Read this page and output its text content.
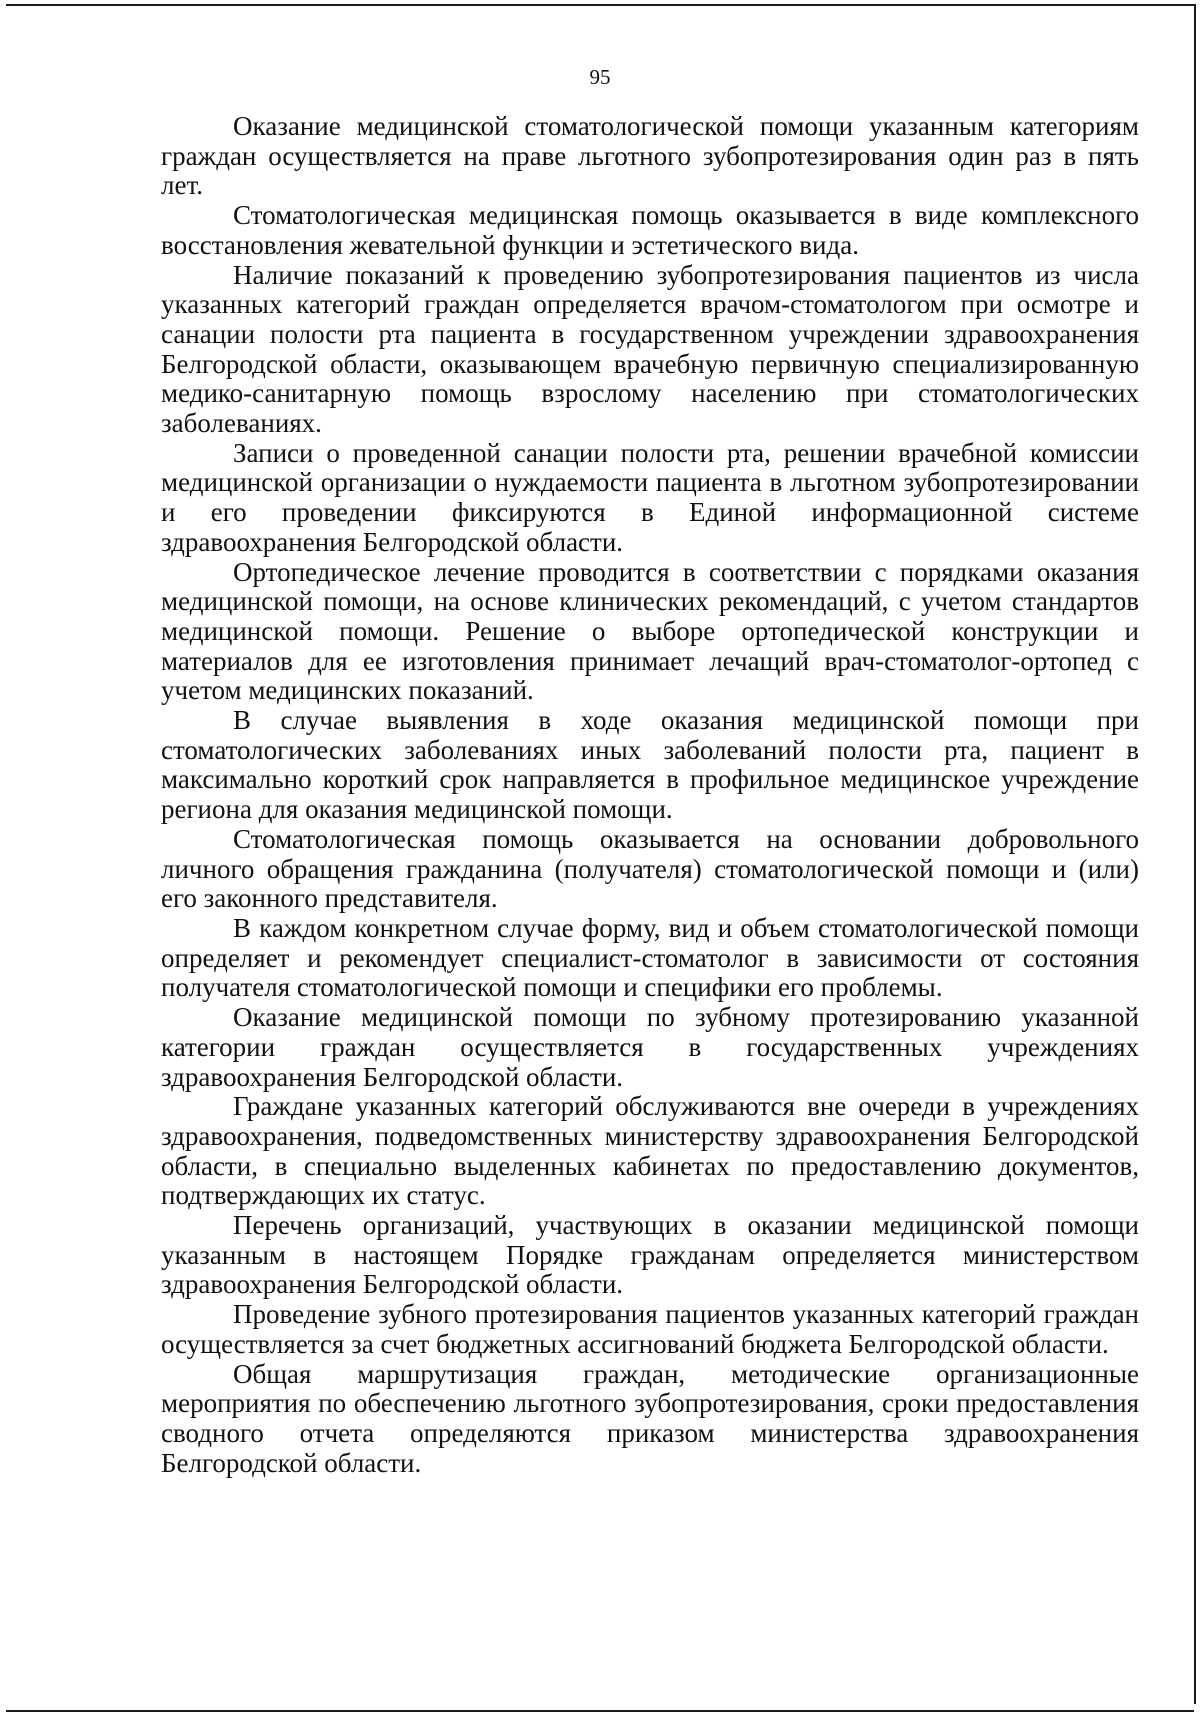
95

Оказание медицинской стоматологической помощи указанным категориям граждан осуществляется на праве льготного зубопротезирования один раз в пять лет.

Стоматологическая медицинская помощь оказывается в виде комплексного восстановления жевательной функции и эстетического вида.

Наличие показаний к проведению зубопротезирования пациентов из числа указанных категорий граждан определяется врачом-стоматологом при осмотре и санации полости рта пациента в государственном учреждении здравоохранения Белгородской области, оказывающем врачебную первичную специализированную медико-санитарную помощь взрослому населению при стоматологических заболеваниях.

Записи о проведенной санации полости рта, решении врачебной комиссии медицинской организации о нуждаемости пациента в льготном зубопротезировании и его проведении фиксируются в Единой информационной системе здравоохранения Белгородской области.

Ортопедическое лечение проводится в соответствии с порядками оказания медицинской помощи, на основе клинических рекомендаций, с учетом стандартов медицинской помощи. Решение о выборе ортопедической конструкции и материалов для ее изготовления принимает лечащий врач-стоматолог-ортопед с учетом медицинских показаний.

В случае выявления в ходе оказания медицинской помощи при стоматологических заболеваниях иных заболеваний полости рта, пациент в максимально короткий срок направляется в профильное медицинское учреждение региона для оказания медицинской помощи.

Стоматологическая помощь оказывается на основании добровольного личного обращения гражданина (получателя) стоматологической помощи и (или) его законного представителя.

В каждом конкретном случае форму, вид и объем стоматологической помощи определяет и рекомендует специалист-стоматолог в зависимости от состояния получателя стоматологической помощи и специфики его проблемы.

Оказание медицинской помощи по зубному протезированию указанной категории граждан осуществляется в государственных учреждениях здравоохранения Белгородской области.

Граждане указанных категорий обслуживаются вне очереди в учреждениях здравоохранения, подведомственных министерству здравоохранения Белгородской области, в специально выделенных кабинетах по предоставлению документов, подтверждающих их статус.

Перечень организаций, участвующих в оказании медицинской помощи указанным в настоящем Порядке гражданам определяется министерством здравоохранения Белгородской области.

Проведение зубного протезирования пациентов указанных категорий граждан осуществляется за счет бюджетных ассигнований бюджета Белгородской области.

Общая маршрутизация граждан, методические организационные мероприятия по обеспечению льготного зубопротезирования, сроки предоставления сводного отчета определяются приказом министерства здравоохранения Белгородской области.
